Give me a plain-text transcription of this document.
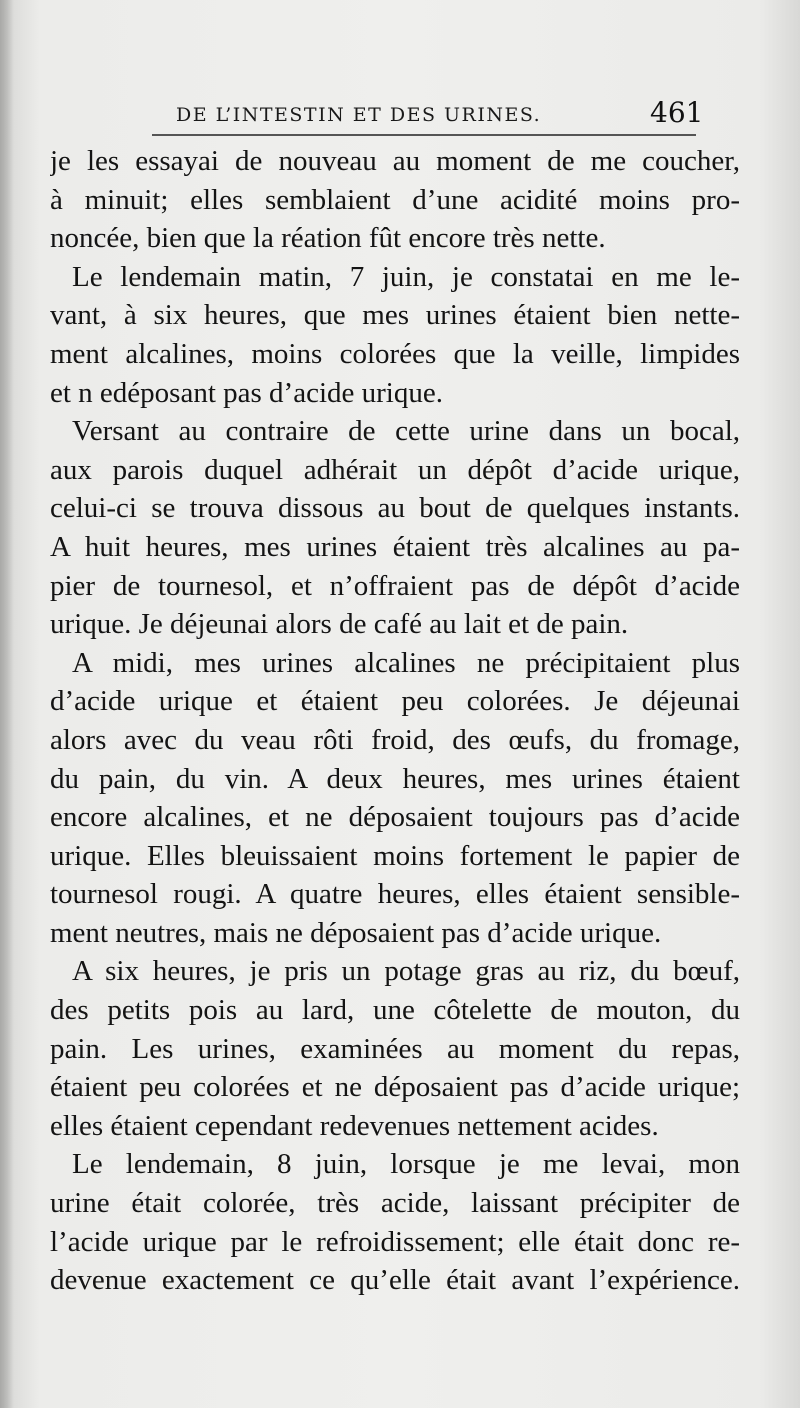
DE L’INTESTIN ET DES URINES.	461
je les essayai de nouveau au moment de me coucher,
à minuit; elles semblaient d’une acidité moins pro-
noncée, bien que la réation fût encore très nette.
Le lendemain matin, 7 juin, je constatai en me le-
vant, à six heures, que mes urines étaient bien nette-
ment alcalines, moins colorées que la veille, limpides
et n edéposant pas d’acide urique.
Versant au contraire de cette urine dans un bocal,
aux parois duquel adhérait un dépôt d’acide urique,
celui-ci se trouva dissous au bout de quelques instants.
A huit heures, mes urines étaient très alcalines au pa-
pier de tournesol, et n’offraient pas de dépôt d’acide
urique. Je déjeunai alors de café au lait et de pain.
A midi, mes urines alcalines ne précipitaient plus
d’acide urique et étaient peu colorées. Je déjeunai
alors avec du veau rôti froid, des œufs, du fromage,
du pain, du vin. A deux heures, mes urines étaient
encore alcalines, et ne déposaient toujours pas d’acide
urique. Elles bleuissaient moins fortement le papier de
tournesol rougi. A quatre heures, elles étaient sensible-
ment neutres, mais ne déposaient pas d’acide urique.
A six heures, je pris un potage gras au riz, du bœuf,
des petits pois au lard, une côtelette de mouton, du
pain. Les urines, examinées au moment du repas,
étaient peu colorées et ne déposaient pas d’acide urique;
elles étaient cependant redevenues nettement acides.
Le lendemain, 8 juin, lorsque je me levai, mon
urine était colorée, très acide, laissant précipiter de
l’acide urique par le refroidissement; elle était donc re-
devenue exactement ce qu’elle était avant l’expérience.
